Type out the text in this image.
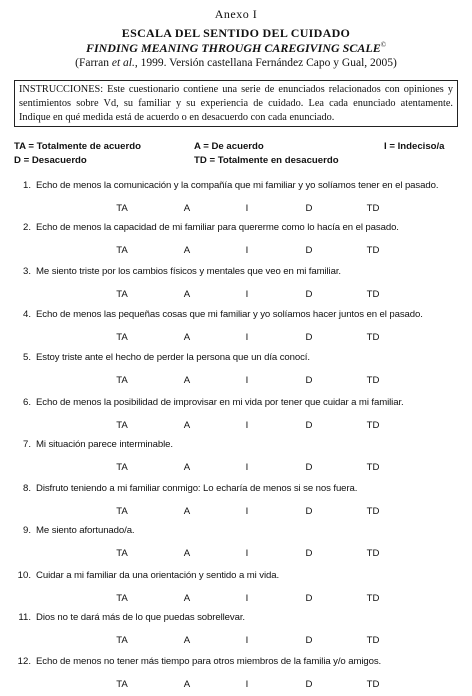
Anexo I
ESCALA DEL SENTIDO DEL CUIDADO
FINDING MEANING THROUGH CAREGIVING SCALE©
(Farran et al., 1999. Versión castellana Fernández Capo y Gual, 2005)
INSTRUCCIONES: Este cuestionario contiene una serie de enunciados relacionados con opiniones y sentimientos sobre Vd, su familiar y su experiencia de cuidado. Lea cada enunciado atentamente. Indique en qué medida está de acuerdo o en desacuerdo con cada enunciado.
TA = Totalmente de acuerdo	A = De acuerdo	I = Indeciso/a
D = Desacuerdo	TD = Totalmente en desacuerdo
1. Echo de menos la comunicación y la compañía que mi familiar y yo solíamos tener en el pasado.
TA	A	I	D	TD
2. Echo de menos la capacidad de mi familiar para quererme como lo hacía en el pasado.
TA	A	I	D	TD
3. Me siento triste por los cambios físicos y mentales que veo en mi familiar.
TA	A	I	D	TD
4. Echo de menos las pequeñas cosas que mi familiar y yo solíamos hacer juntos en el pasado.
TA	A	I	D	TD
5. Estoy triste ante el hecho de perder la persona que un día conocí.
TA	A	I	D	TD
6. Echo de menos la posibilidad de improvisar en mi vida por tener que cuidar a mi familiar.
TA	A	I	D	TD
7. Mi situación parece interminable.
TA	A	I	D	TD
8. Disfruto teniendo a mi familiar conmigo: Lo echaría de menos si se nos fuera.
TA	A	I	D	TD
9. Me siento afortunado/a.
TA	A	I	D	TD
10. Cuidar a mi familiar da una orientación y sentido a mi vida.
TA	A	I	D	TD
11. Dios no te dará más de lo que puedas sobrellevar.
TA	A	I	D	TD
12. Echo de menos no tener más tiempo para otros miembros de la familia y/o amigos.
TA	A	I	D	TD
